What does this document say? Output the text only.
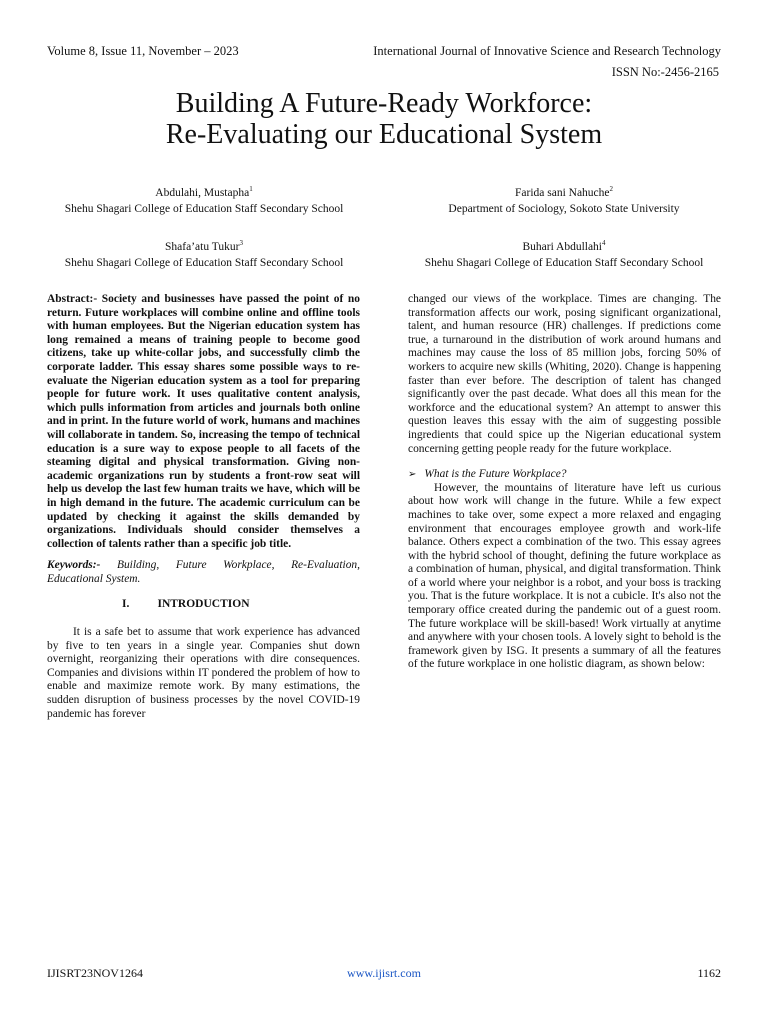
Volume 8, Issue 11, November – 2023	International Journal of Innovative Science and Research Technology
ISSN No:-2456-2165
Building A Future-Ready Workforce:
Re-Evaluating our Educational System
Abdulahi, Mustapha$^1$
Shehu Shagari College of Education Staff Secondary School
Farida sani Nahuche$^2$
Department of Sociology, Sokoto State University
Shafa’atu Tukur$^3$
Shehu Shagari College of Education Staff Secondary School
Buhari Abdullahi$^4$
Shehu Shagari College of Education Staff Secondary School

Abstract:- Society and businesses have passed the point of no return. Future workplaces will combine online and offline tools with human employees. But the Nigerian education system has long remained a means of training people to become good citizens, take up white-collar jobs, and successfully climb the corporate ladder. This essay shares some possible ways to re-evaluate the Nigerian education system as a tool for preparing people for future work. It uses qualitative content analysis, which pulls information from articles and journals both online and in print. In the future world of work, humans and machines will collaborate in tandem. So, increasing the tempo of technical education is a sure way to expose people to all facets of the steaming digital and physical transformation. Giving non-academic organizations run by students a front-row seat will help us develop the last few human traits we have, which will be in high demand in the future. The academic curriculum can be updated by checking it against the skills demanded by organizations. Individuals should consider themselves a collection of talents rather than a specific job title.

Keywords:- Building, Future Workplace, Re-Evaluation, Educational System.

I. INTRODUCTION

It is a safe bet to assume that work experience has advanced by five to ten years in a single year. Companies shut down overnight, reorganizing their operations with dire consequences. Companies and divisions within IT pondered the problem of how to enable and maximize remote work. By many estimations, the sudden disruption of business processes by the novel COVID-19 pandemic has forever

changed our views of the workplace. Times are changing. The transformation affects our work, posing significant organizational, talent, and human resource (HR) challenges. If predictions come true, a turnaround in the distribution of work around humans and machines may cause the loss of 85 million jobs, forcing 50% of workers to acquire new skills (Whiting, 2020). Change is happening faster than ever before. The description of talent has changed significantly over the past decade. What does all this mean for the workforce and the educational system? An attempt to answer this question leaves this essay with the aim of suggesting possible ingredients that could spice up the Nigerian educational system concerning getting people ready for the future workplace.

➢ What is the Future Workplace?

However, the mountains of literature have left us curious about how work will change in the future. While a few expect machines to take over, some expect a more relaxed and engaging environment that encourages employee growth and work-life balance. Others expect a combination of the two. This essay agrees with the hybrid school of thought, defining the future workplace as a combination of human, physical, and digital transformation. Think of a world where your neighbor is a robot, and your boss is tracking you. That is the future workplace. It is not a cubicle. It's also not the temporary office created during the pandemic out of a guest room. The future workplace will be skill-based! Work virtually at anytime and anywhere with your chosen tools. A lovely sight to behold is the framework given by ISG. It presents a summary of all the features of the future workplace in one holistic diagram, as shown below:

IJISRT23NOV1264	www.ijisrt.com	1162
